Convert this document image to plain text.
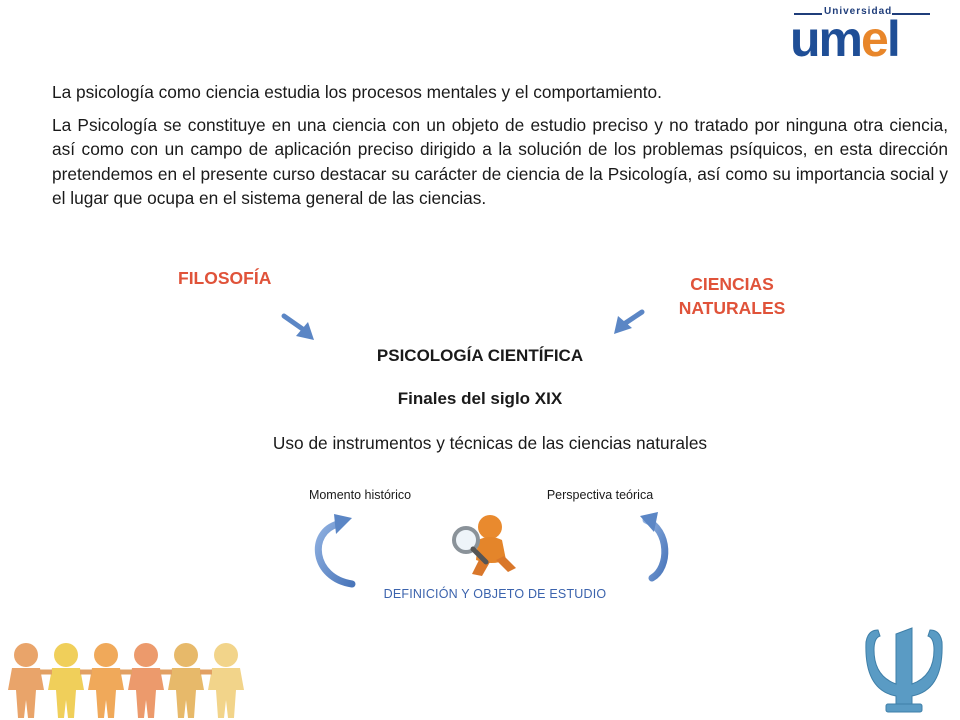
Universidad
umel
La psicología como ciencia estudia los procesos mentales y el comportamiento.
La Psicología se constituye en una ciencia con un objeto de estudio preciso y no tratado por ninguna otra ciencia, así como con un campo de aplicación preciso dirigido a la solución de los problemas psíquicos, en esta dirección pretendemos en el presente curso destacar su carácter de ciencia de la Psicología, así como su importancia social y el lugar que ocupa en el sistema general de las ciencias.
FILOSOFÍA	CIENCIAS
NATURALES
PSICOLOGÍA CIENTÍFICA
Finales del siglo XIX
Uso de instrumentos y técnicas de las ciencias naturales
Momento histórico	Perspectiva teórica
DEFINICIÓN Y OBJETO DE ESTUDIO
